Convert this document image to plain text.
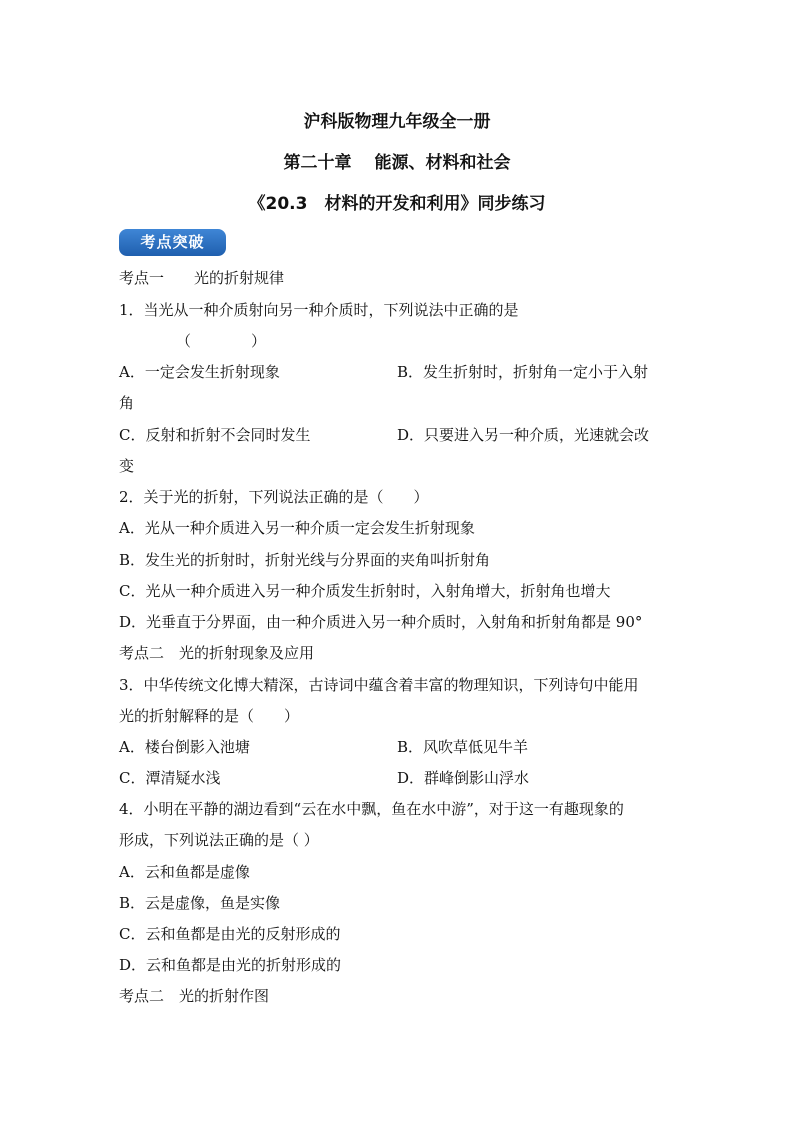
沪科版物理九年级全一册
第二十章　 能源、材料和社会
《20.3　材料的开发和利用》同步练习
考点突破
考点一　　光的折射规律
1．当光从一种介质射向另一种介质时，下列说法中正确的是
（　　　　）
A．一定会发生折射现象	B．发生折射时，折射角一定小于入射
角
C．反射和折射不会同时发生	D．只要进入另一种介质，光速就会改
变
2．关于光的折射，下列说法正确的是（　　）
A．光从一种介质进入另一种介质一定会发生折射现象
B．发生光的折射时，折射光线与分界面的夹角叫折射角
C．光从一种介质进入另一种介质发生折射时，入射角增大，折射角也增大
D．光垂直于分界面，由一种介质进入另一种介质时，入射角和折射角都是 90°
考点二　光的折射现象及应用
3．中华传统文化博大精深，古诗词中蕴含着丰富的物理知识，下列诗句中能用
光的折射解释的是（　　）
A．楼台倒影入池塘	B．风吹草低见牛羊
C．潭清疑水浅	D．群峰倒影山浮水
4．小明在平静的湖边看到“云在水中飘，鱼在水中游”，对于这一有趣现象的
形成，下列说法正确的是（ ）
A．云和鱼都是虚像
B．云是虚像，鱼是实像
C．云和鱼都是由光的反射形成的
D．云和鱼都是由光的折射形成的
考点二　光的折射作图
